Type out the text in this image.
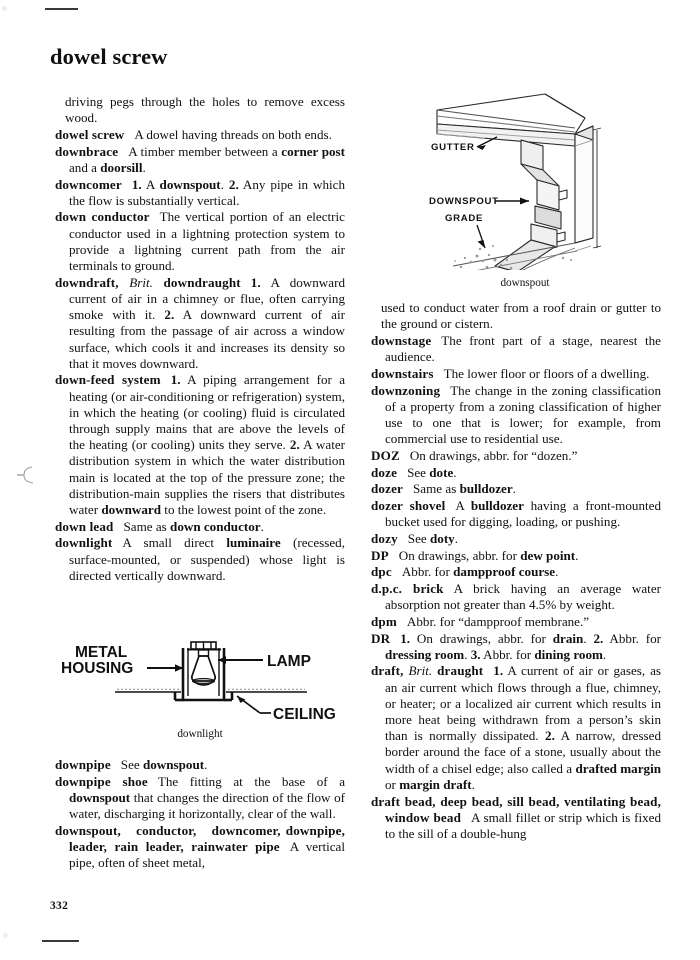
dowel screw

driving pegs through the holes to remove excess wood.

dowel screw A dowel having threads on both ends.

downbrace A timber member between a corner post and a doorsill.

downcomer 1. A downspout. 2. Any pipe in which the flow is substantially vertical.

down conductor The vertical portion of an electric conductor used in a lightning protection system to provide a lightning current path from the air terminals to ground.

downdraft, Brit. downdraught 1. A downward current of air in a chimney or flue, often carrying smoke with it. 2. A downward current of air resulting from the passage of air across a window surface, which cools it and increases its density so that it moves downward.

down-feed system 1. A piping arrangement for a heating (or air-conditioning or refrigeration) system, in which the heating (or cooling) fluid is circulated through supply mains that are above the levels of the heating (or cooling) units they serve. 2. A water distribution system in which the water distribution main is located at the top of the pressure zone; the distribution-main supplies the risers that distributes water downward to the lowest point of the zone.

down lead Same as down conductor.

downlight A small direct luminaire (recessed, surface-mounted, or suspended) whose light is directed vertically downward.

METAL
HOUSING	LAMP
CEILING
downlight

downpipe See downspout.

downpipe shoe The fitting at the base of a downspout that changes the direction of the flow of water, discharging it horizontally, clear of the wall.

downspout,   conductor,   downcomer, downpipe, leader, rain leader, rainwater pipe A vertical pipe, often of sheet metal,

GUTTER
DOWNSPOUT
GRADE
downspout

used to conduct water from a roof drain or gutter to the ground or cistern.

downstage The front part of a stage, nearest the audience.

downstairs The lower floor or floors of a dwelling.

downzoning The change in the zoning classification of a property from a zoning classification of higher use to one that is lower; for example, from commercial use to residential use.

DOZ On drawings, abbr. for “dozen.”

doze See dote.

dozer Same as bulldozer.

dozer shovel A bulldozer having a front-mounted bucket used for digging, loading, or pushing.

dozy See doty.

DP On drawings, abbr. for dew point.

dpc Abbr. for dampproof course.

d.p.c. brick A brick having an average water absorption not greater than 4.5% by weight.

dpm Abbr. for “dampproof membrane.”

DR 1. On drawings, abbr. for drain. 2. Abbr. for dressing room. 3. Abbr. for dining room.

draft, Brit. draught 1. A current of air or gases, as an air current which flows through a flue, chimney, or heater; or a localized air current which results in more heat being withdrawn from a person’s skin than is normally dissipated. 2. A narrow, dressed border around the face of a stone, usually about the width of a chisel edge; also called a drafted margin or margin draft.

draft bead, deep bead, sill bead, ventilating bead, window bead A small fillet or strip which is fixed to the sill of a double-hung

332
